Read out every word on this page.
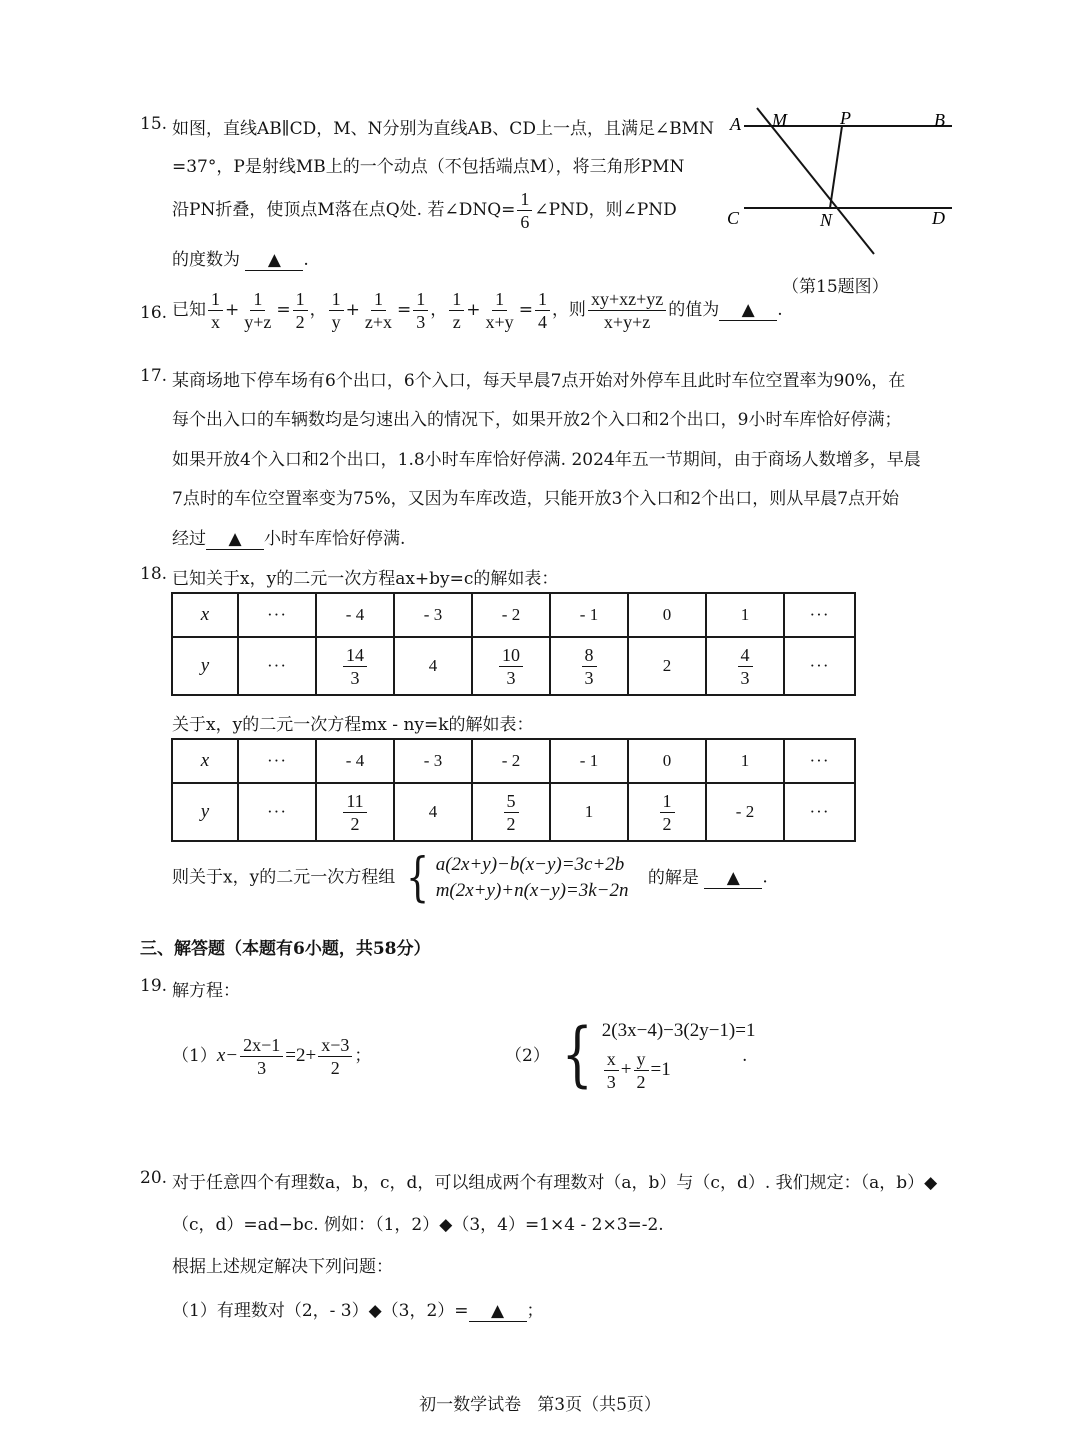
15. 如图，直线AB∥CD，M、N分别为直线AB、CD上一点，且满足∠BMN
=37°，P是射线MB上的一个动点（不包括端点M），将三角形PMN
沿PN折叠，使顶点M落在点Q处. 若∠DNQ= $\frac{1}{6}$ ∠PND，则∠PND
的度数为 ▲ .
A M	P	B
C	N	D
（第15题图）
16. 已知 $\frac{1}{x} + \frac{1}{y+z} = \frac{1}{2}$ ， $\frac{1}{y} + \frac{1}{z+x} = \frac{1}{3}$ ， $\frac{1}{z} + \frac{1}{x+y} = \frac{1}{4}$ ，则 $\frac{xy+xz+yz}{x+y+z}$ 的值为 ▲ .
17. 某商场地下停车场有6个出口，6个入口，每天早晨7点开始对外停车且此时车位空置率为90%，在
每个出入口的车辆数均是匀速出入的情况下，如果开放2个入口和2个出口，9小时车库恰好停满；
如果开放4个入口和2个出口，1.8小时车库恰好停满. 2024年五一节期间，由于商场人数增多，早晨
7点时的车位空置率变为75%，又因为车库改造，只能开放3个入口和2个出口，则从早晨7点开始
经过 ▲ 小时车库恰好停满.
18. 已知关于x，y的二元一次方程ax+by=c的解如表：
x	···	- 4	- 3	- 2	- 1	0	1	···
y	···	$\frac{14}{3}$	4	$\frac{10}{3}$	$\frac{8}{3}$	2	$\frac{4}{3}$	···
关于x，y的二元一次方程mx - ny=k的解如表：
x	···	- 4	- 3	- 2	- 1	0	1	···
y	···	$\frac{11}{2}$	4	$\frac{5}{2}$	1	$\frac{1}{2}$	- 2	···
则关于x，y的二元一次方程组 { a(2x+y)−b(x−y)=3c+2b
m(2x+y)+n(x−y)=3k−2n
的解是 ▲ .
三、解答题（本题有6小题，共58分）
19. 解方程：
$(1)x- \frac{2x-1}{3} =2+ \frac{x-3}{2}$ ；	（2） { 2(3x−4)−3(2y−1)=1
$\frac{x}{3} + \frac{y}{2} =1$
.
20. 对于任意四个有理数a，b，c，d，可以组成两个有理数对（a，b）与（c，d）. 我们规定：（a，b）◆
（c，d）=ad−bc. 例如：（1，2）◆（3，4）=1×4 - 2×3=-2.
根据上述规定解决下列问题：
（1）有理数对（2，- 3）◆（3，2）= ▲ ；
初一数学试卷   第3页（共5页）
